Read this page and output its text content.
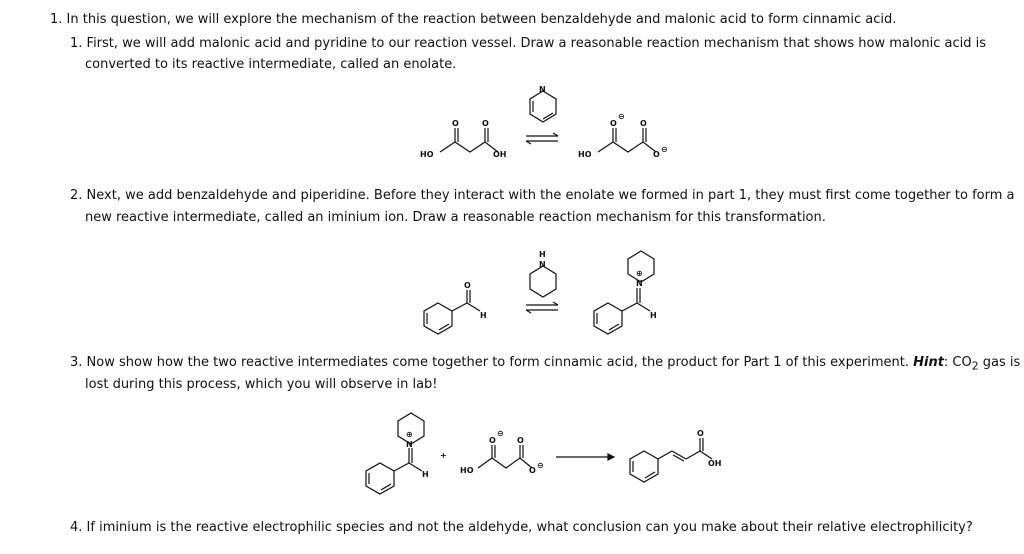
1. In this question, we will explore the mechanism of the reaction between benzaldehyde and malonic acid to form cinnamic acid.
1. First, we will add malonic acid and pyridine to our reaction vessel. Draw a reasonable reaction mechanism that shows how malonic acid is
converted to its reactive intermediate, called an enolate.
2. Next, we add benzaldehyde and piperidine. Before they interact with the enolate we formed in part 1, they must first come together to form a
new reactive intermediate, called an iminium ion. Draw a reasonable reaction mechanism for this transformation.
3. Now show how the two reactive intermediates come together to form cinnamic acid, the product for Part 1 of this experiment. Hint: $CO_2$ gas is
lost during this process, which you will observe in lab!
4. If iminium is the reactive electrophilic species and not the aldehyde, what conclusion can you make about their relative electrophilicity?
O	O
HO	OH
N
O
⊖
O
HO	O
⊖
O
H
H
N
N
⊕
H
N
⊕
H
+
O
⊖
O
HO	O
⊖
O
OH
